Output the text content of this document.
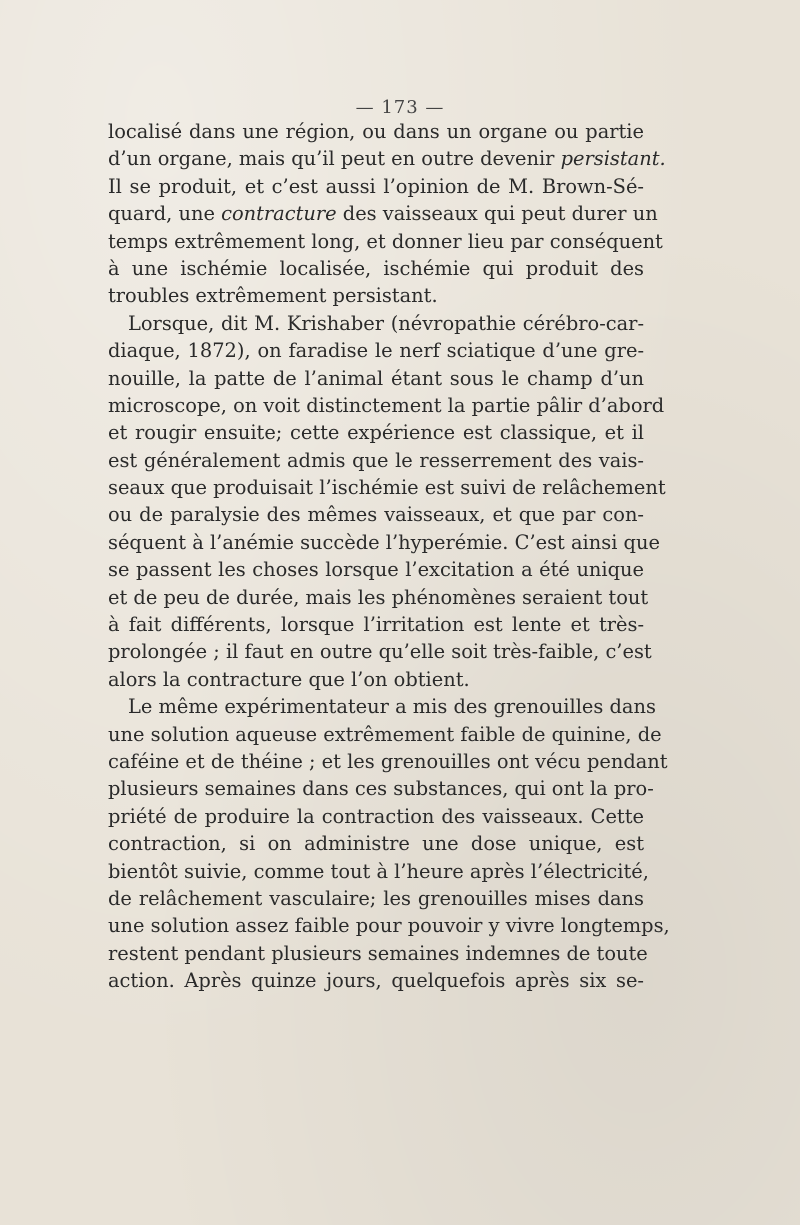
— 173 —
localisé dans une région, ou dans un organe ou partie
d’un organe, mais qu’il peut en outre devenir persistant.
Il se produit, et c’est aussi l’opinion de M. Brown-Sé-
quard, une contracture des vaisseaux qui peut durer un
temps extrêmement long, et donner lieu par conséquent
à une ischémie localisée, ischémie qui produit des
troubles extrêmement persistant.
Lorsque, dit M. Krishaber (névropathie cérébro-car-
diaque, 1872), on faradise le nerf sciatique d’une gre-
nouille, la patte de l’animal étant sous le champ d’un
microscope, on voit distinctement la partie pâlir d’abord
et rougir ensuite; cette expérience est classique, et il
est généralement admis que le resserrement des vais-
seaux que produisait l’ischémie est suivi de relâchement
ou de paralysie des mêmes vaisseaux, et que par con-
séquent à l’anémie succède l’hyperémie. C’est ainsi que
se passent les choses lorsque l’excitation a été unique
et de peu de durée, mais les phénomènes seraient tout
à fait différents, lorsque l’irritation est lente et très-
prolongée ; il faut en outre qu’elle soit très-faible, c’est
alors la contracture que l’on obtient.
Le même expérimentateur a mis des grenouilles dans
une solution aqueuse extrêmement faible de quinine, de
caféine et de théine ; et les grenouilles ont vécu pendant
plusieurs semaines dans ces substances, qui ont la pro-
priété de produire la contraction des vaisseaux. Cette
contraction, si on administre une dose unique, est
bientôt suivie, comme tout à l’heure après l’électricité,
de relâchement vasculaire; les grenouilles mises dans
une solution assez faible pour pouvoir y vivre longtemps,
restent pendant plusieurs semaines indemnes de toute
action. Après quinze jours, quelquefois après six se-
